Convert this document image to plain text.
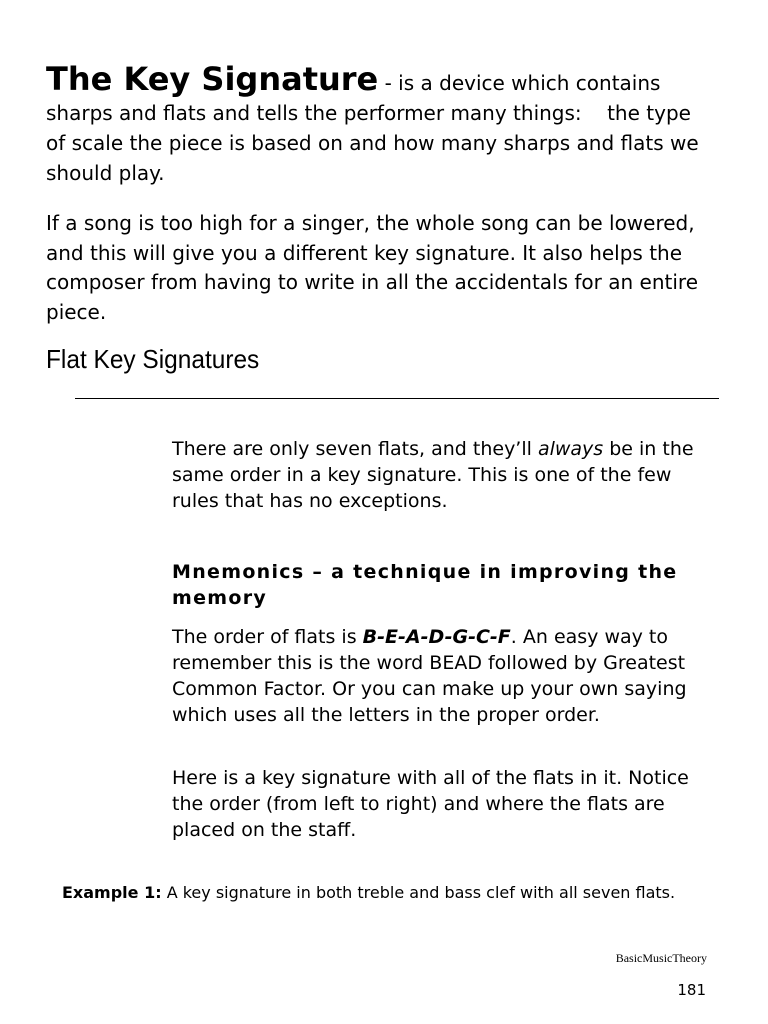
The Key Signature - is a device which contains sharps and flats and tells the performer many things:    the type of scale the piece is based on and how many sharps and flats we should play.

If a song is too high for a singer, the whole song can be lowered, and this will give you a different key signature. It also helps the composer from having to write in all the accidentals for an entire piece.

Flat Key Signatures

There are only seven flats, and they’ll always be in the same order in a key signature. This is one of the few rules that has no exceptions.

Mnemonics – a technique in improving the memory

The order of flats is B-E-A-D-G-C-F. An easy way to remember this is the word BEAD followed by Greatest Common Factor. Or you can make up your own saying which uses all the letters in the proper order.

Here is a key signature with all of the flats in it. Notice the order (from left to right) and where the flats are placed on the staff.

Example 1: A key signature in both treble and bass clef with all seven flats.

BasicMusicTheory

181
